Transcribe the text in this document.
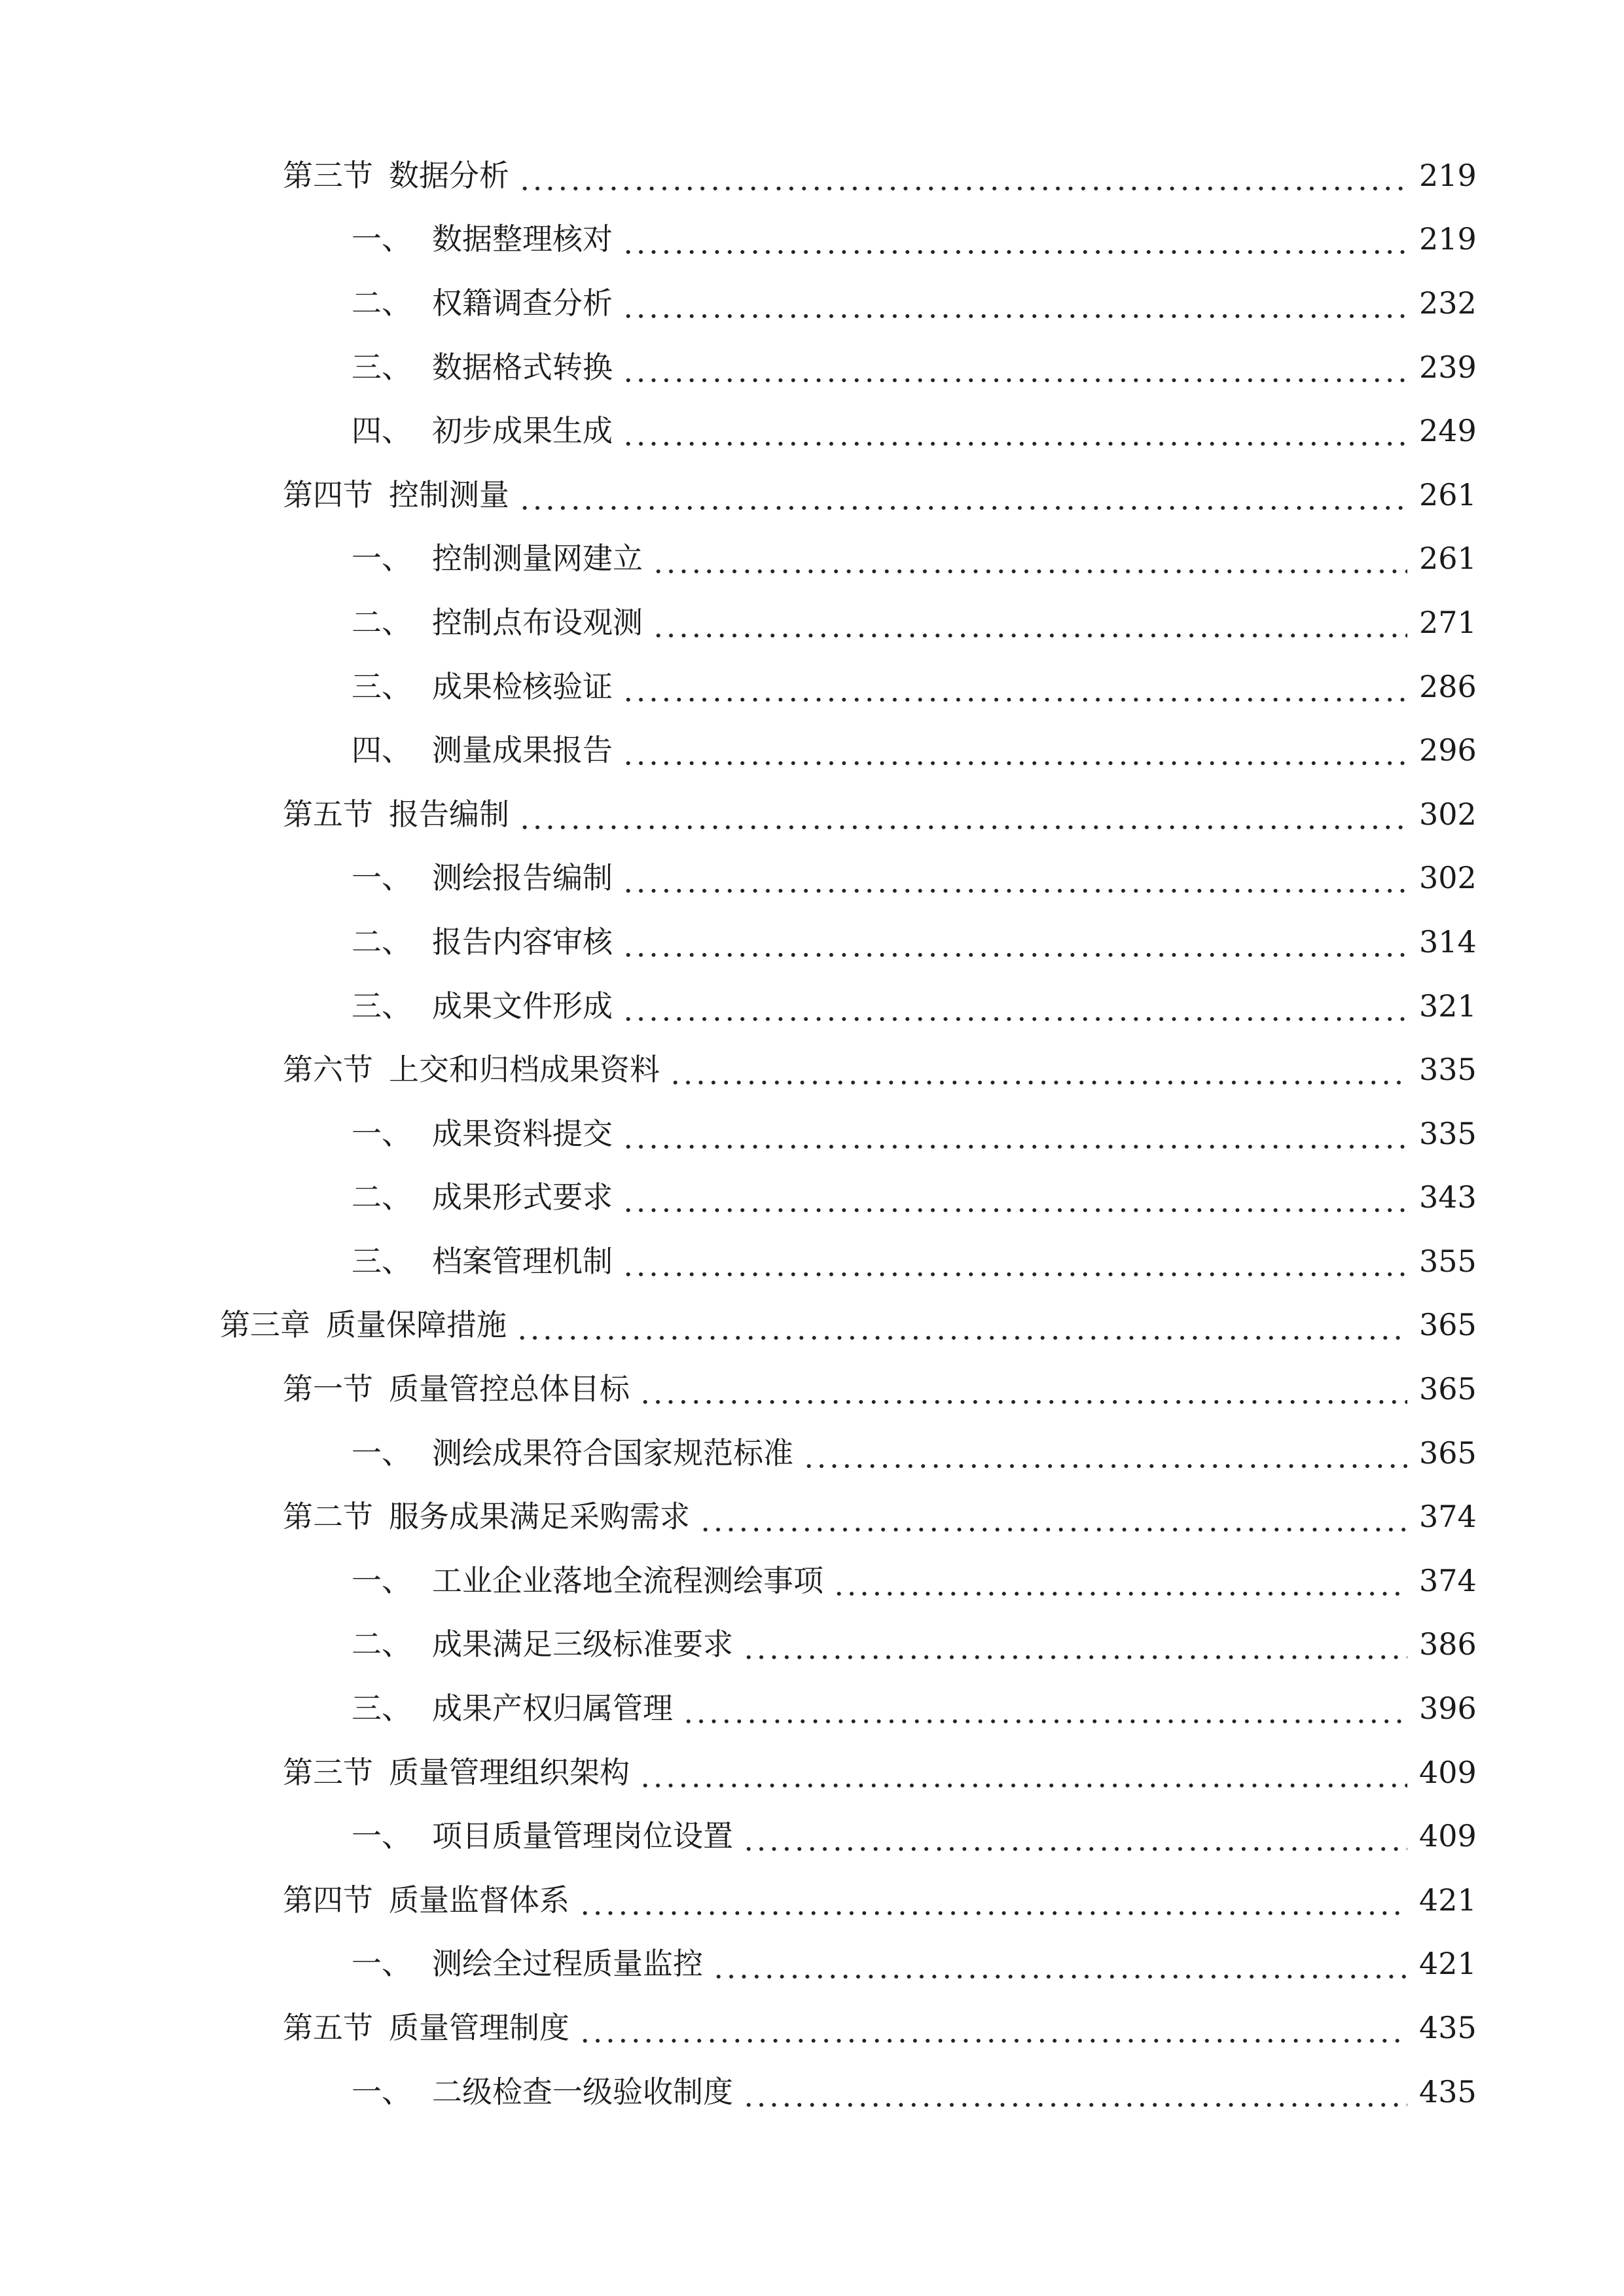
第三节 数据分析	219
一、 数据整理核对	219
二、 权籍调查分析	232
三、 数据格式转换	239
四、 初步成果生成	249
第四节 控制测量	261
一、 控制测量网建立	261
二、 控制点布设观测	271
三、 成果检核验证	286
四、 测量成果报告	296
第五节 报告编制	302
一、 测绘报告编制	302
二、 报告内容审核	314
三、 成果文件形成	321
第六节 上交和归档成果资料	335
一、 成果资料提交	335
二、 成果形式要求	343
三、 档案管理机制	355
第三章 质量保障措施	365
第一节 质量管控总体目标	365
一、 测绘成果符合国家规范标准	365
第二节 服务成果满足采购需求	374
一、 工业企业落地全流程测绘事项	374
二、 成果满足三级标准要求	386
三、 成果产权归属管理	396
第三节 质量管理组织架构	409
一、 项目质量管理岗位设置	409
第四节 质量监督体系	421
一、 测绘全过程质量监控	421
第五节 质量管理制度	435
一、 二级检查一级验收制度	435
